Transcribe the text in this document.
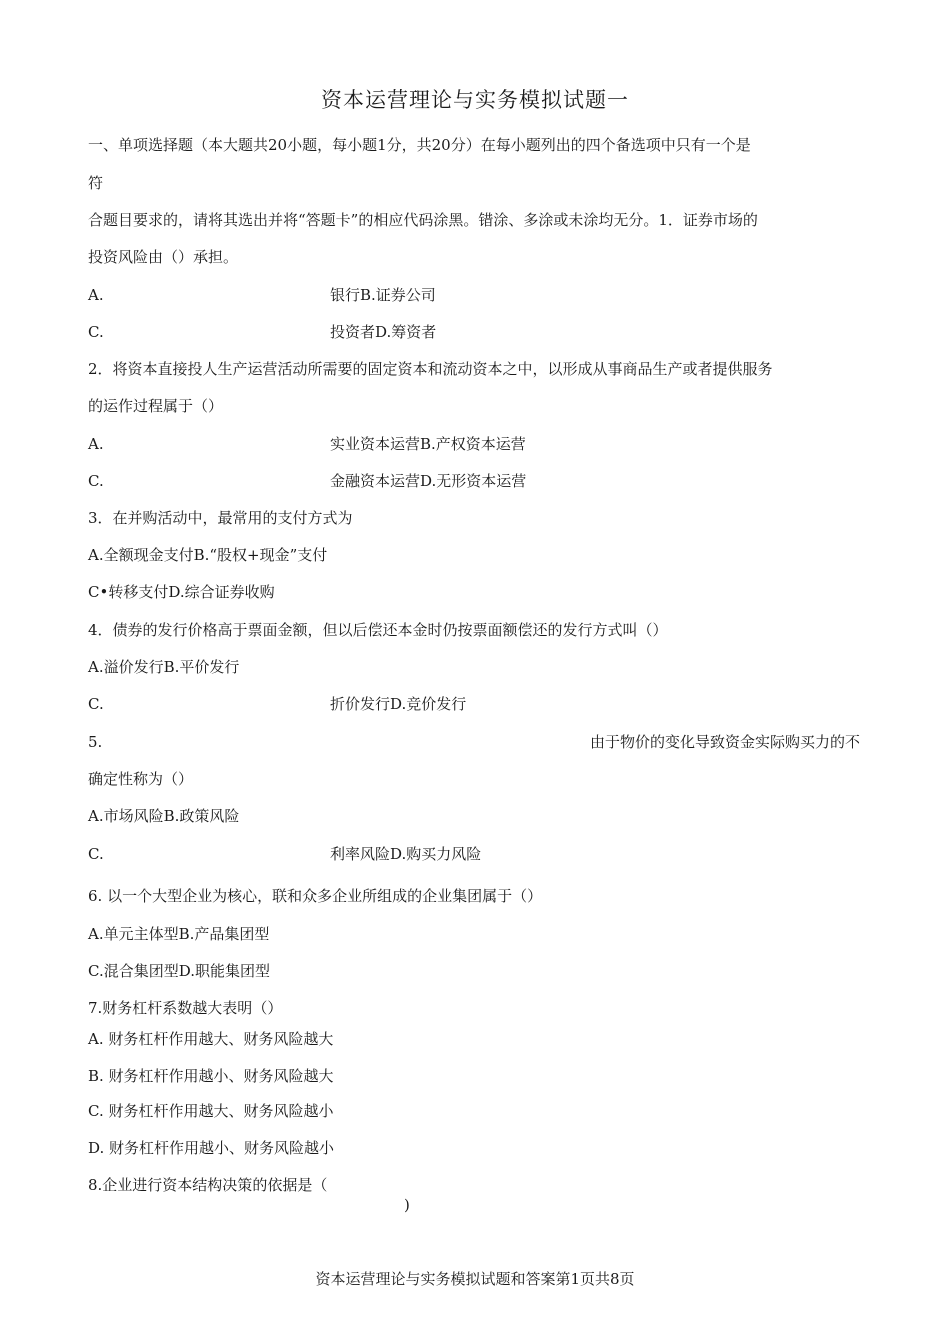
资本运营理论与实务模拟试题一
一、单项选择题（本大题共20小题，每小题1分，共20分）在每小题列出的四个备选项中只有一个是
符
合题目要求的，请将其选出并将“答题卡”的相应代码涂黑。错涂、多涂或未涂均无分。1．证券市场的
投资风险由（）承担。
A.	银行B.证券公司
C.	投资者D.筹资者
2．将资本直接投人生产运营活动所需要的固定资本和流动资本之中，以形成从事商品生产或者提供服务
的运作过程属于（）
A.	实业资本运营B.产权资本运营
C.	金融资本运营D.无形资本运营
3．在并购活动中，最常用的支付方式为
A.全额现金支付B.“股权+现金”支付
C•转移支付D.综合证券收购
4．债券的发行价格高于票面金额，但以后偿还本金时仍按票面额偿还的发行方式叫（）
A.溢价发行B.平价发行
C.	折价发行D.竞价发行
5.	由于物价的变化导致资金实际购买力的不
确定性称为（）
A.市场风险B.政策风险
C.	利率风险D.购买力风险
6. 以一个大型企业为核心，联和众多企业所组成的企业集团属于（）
A.单元主体型B.产品集团型
C.混合集团型D.职能集团型
7.财务杠杆系数越大表明（）
A. 财务杠杆作用越大、财务风险越大
B. 财务杠杆作用越小、财务风险越大
C. 财务杠杆作用越大、财务风险越小
D. 财务杠杆作用越小、财务风险越小
8.企业进行资本结构决策的依据是（
)
资本运营理论与实务模拟试题和答案第1页共8页
